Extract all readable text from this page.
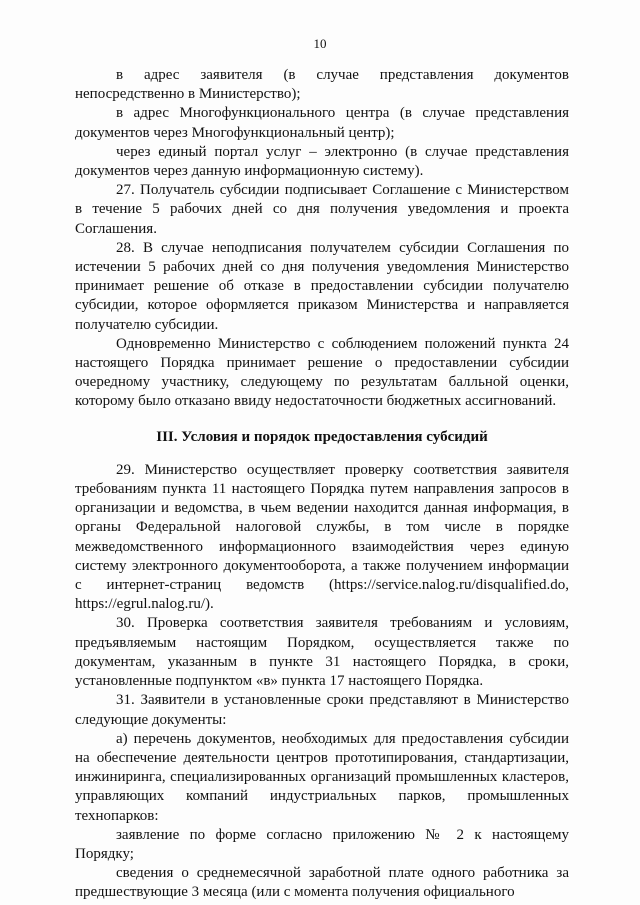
10

в адрес заявителя (в случае представления документов непосредственно в Министерство);

в адрес Многофункционального центра (в случае представления документов через Многофункциональный центр);

через единый портал услуг – электронно (в случае представления документов через данную информационную систему).

27. Получатель субсидии подписывает Соглашение с Министерством в течение 5 рабочих дней со дня получения уведомления и проекта Соглашения.

28. В случае неподписания получателем субсидии Соглашения по истечении 5 рабочих дней со дня получения уведомления Министерство принимает решение об отказе в предоставлении субсидии получателю субсидии, которое оформляется приказом Министерства и направляется получателю субсидии.

Одновременно Министерство с соблюдением положений пункта 24 настоящего Порядка принимает решение о предоставлении субсидии очередному участнику, следующему по результатам балльной оценки, которому было отказано ввиду недостаточности бюджетных ассигнований.

III. Условия и порядок предоставления субсидий

29. Министерство осуществляет проверку соответствия заявителя требованиям пункта 11 настоящего Порядка путем направления запросов в организации и ведомства, в чьем ведении находится данная информация, в органы Федеральной налоговой службы, в том числе в порядке межведомственного информационного взаимодействия через единую систему электронного документооборота, а также получением информации с интернет-страниц ведомств (https://service.nalog.ru/disqualified.do, https://egrul.nalog.ru/).

30. Проверка соответствия заявителя требованиям и условиям, предъявляемым настоящим Порядком, осуществляется также по документам, указанным в пункте 31 настоящего Порядка, в сроки, установленные подпунктом «в» пункта 17 настоящего Порядка.

31. Заявители в установленные сроки представляют в Министерство следующие документы:

а) перечень документов, необходимых для предоставления субсидии на обеспечение деятельности центров прототипирования, стандартизации, инжиниринга, специализированных организаций промышленных кластеров, управляющих компаний индустриальных парков, промышленных технопарков:

заявление по форме согласно приложению № 2 к настоящему Порядку;

сведения о среднемесячной заработной плате одного работника за предшествующие 3 месяца (или с момента получения официального
